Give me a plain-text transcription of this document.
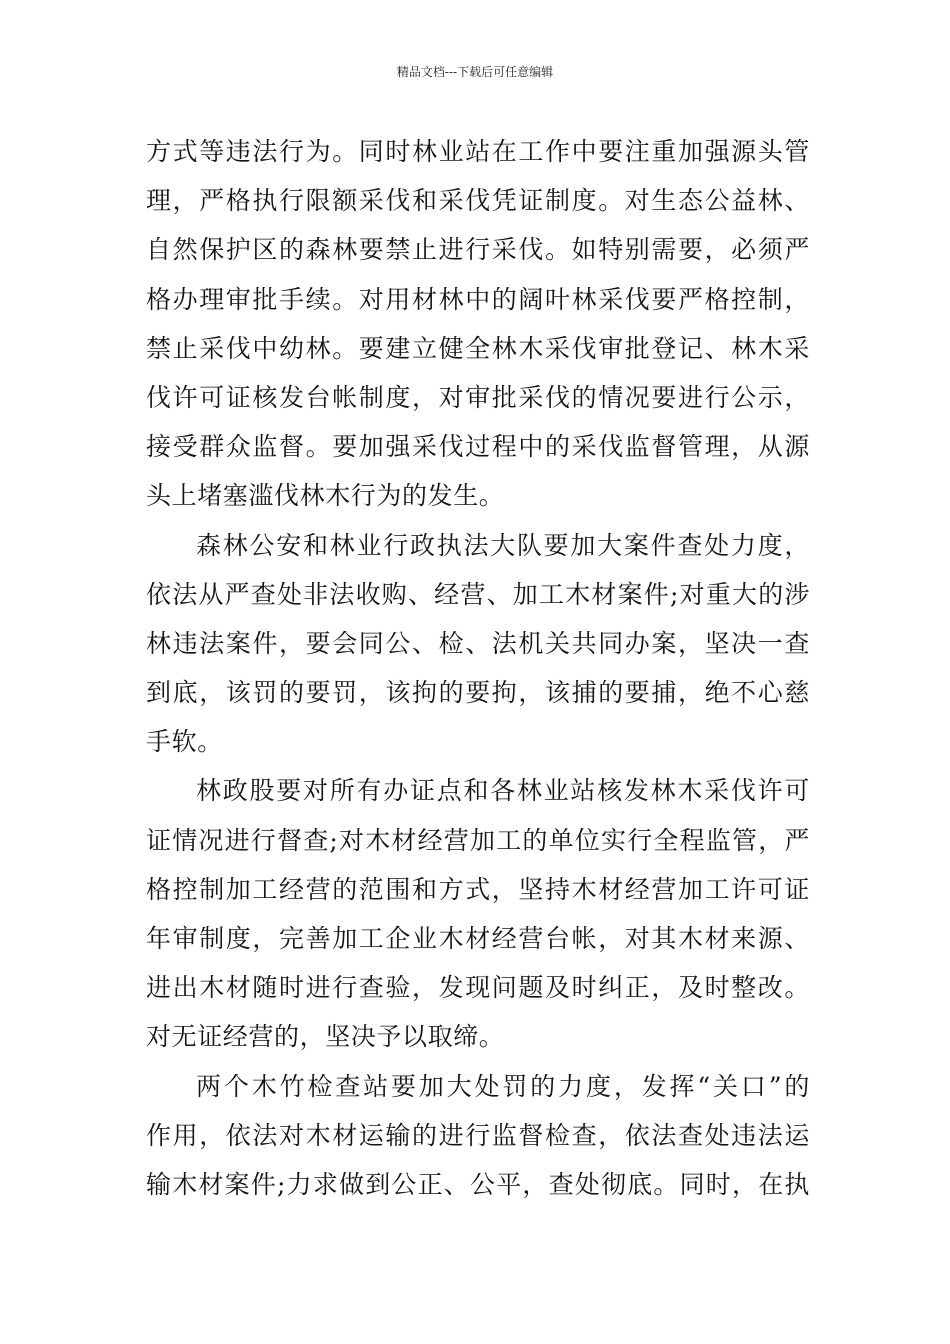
精品文档---下载后可任意编辑
方式等违法行为。同时林业站在工作中要注重加强源头管
理，严格执行限额采伐和采伐凭证制度。对生态公益林、
自然保护区的森林要禁止进行采伐。如特别需要，必须严
格办理审批手续。对用材林中的阔叶林采伐要严格控制，
禁止采伐中幼林。要建立健全林木采伐审批登记、林木采
伐许可证核发台帐制度，对审批采伐的情况要进行公示，
接受群众监督。要加强采伐过程中的采伐监督管理，从源
头上堵塞滥伐林木行为的发生。
森林公安和林业行政执法大队要加大案件查处力度，
依法从严查处非法收购、经营、加工木材案件;对重大的涉
林违法案件，要会同公、检、法机关共同办案，坚决一查
到底，该罚的要罚，该拘的要拘，该捕的要捕，绝不心慈
手软。
林政股要对所有办证点和各林业站核发林木采伐许可
证情况进行督查;对木材经营加工的单位实行全程监管，严
格控制加工经营的范围和方式，坚持木材经营加工许可证
年审制度，完善加工企业木材经营台帐，对其木材来源、
进出木材随时进行查验，发现问题及时纠正，及时整改。
对无证经营的，坚决予以取缔。
两个木竹检查站要加大处罚的力度，发挥“关口”的
作用，依法对木材运输的进行监督检查，依法查处违法运
输木材案件;力求做到公正、公平，查处彻底。同时，在执
